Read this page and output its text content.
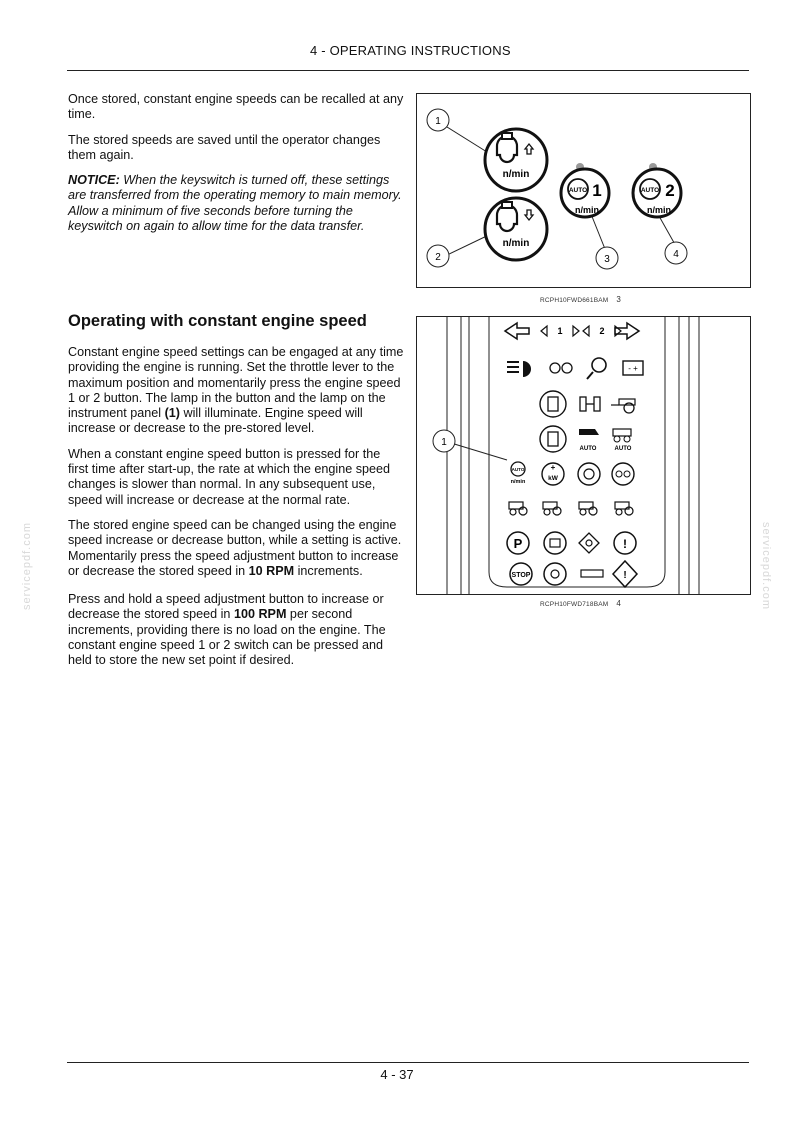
4 - OPERATING INSTRUCTIONS

Once stored, constant engine speeds can be recalled at any time.

The stored speeds are saved until the operator changes them again.

NOTICE: When the keyswitch is turned off, these settings are transferred from the operating memory to main memory. Allow a minimum of five seconds before turning the keyswitch on again to allow time for the data transfer.

1
2	3	4
n/min
n/min
AUTO 1
n/min
AUTO 2
n/min
RCPH10FWD661BAM 3
Operating with constant engine speed

Constant engine speed settings can be engaged at any time providing the engine is running. Set the throttle lever to the maximum position and momentarily press the engine speed 1 or 2 button. The lamp in the button and the lamp on the instrument panel (1) will illuminate. Engine speed will increase or decrease to the pre-stored level.

When a constant engine speed button is pressed for the first time after start-up, the rate at which the engine speed changes is slower than normal. In any subsequent use, speed will increase or decrease at the normal rate.

The stored engine speed can be changed using the engine speed increase or decrease button, while a setting is active. Momentarily press the speed adjustment button to increase or decrease the stored speed in 10 RPM increments.

Press and hold a speed adjustment button to increase or decrease the stored speed in 100 RPM per second increments, providing there is no load on the engine. The constant engine speed 1 or 2 switch can be pressed and held to store the new set point if desired.

1
1	2
- +
AUTO	AUTO
AUTO
n/min
+
kW
P	!
STOP	!
RCPH10FWD718BAM 4
servicepdf.com	servicepdf.com
4 - 37
